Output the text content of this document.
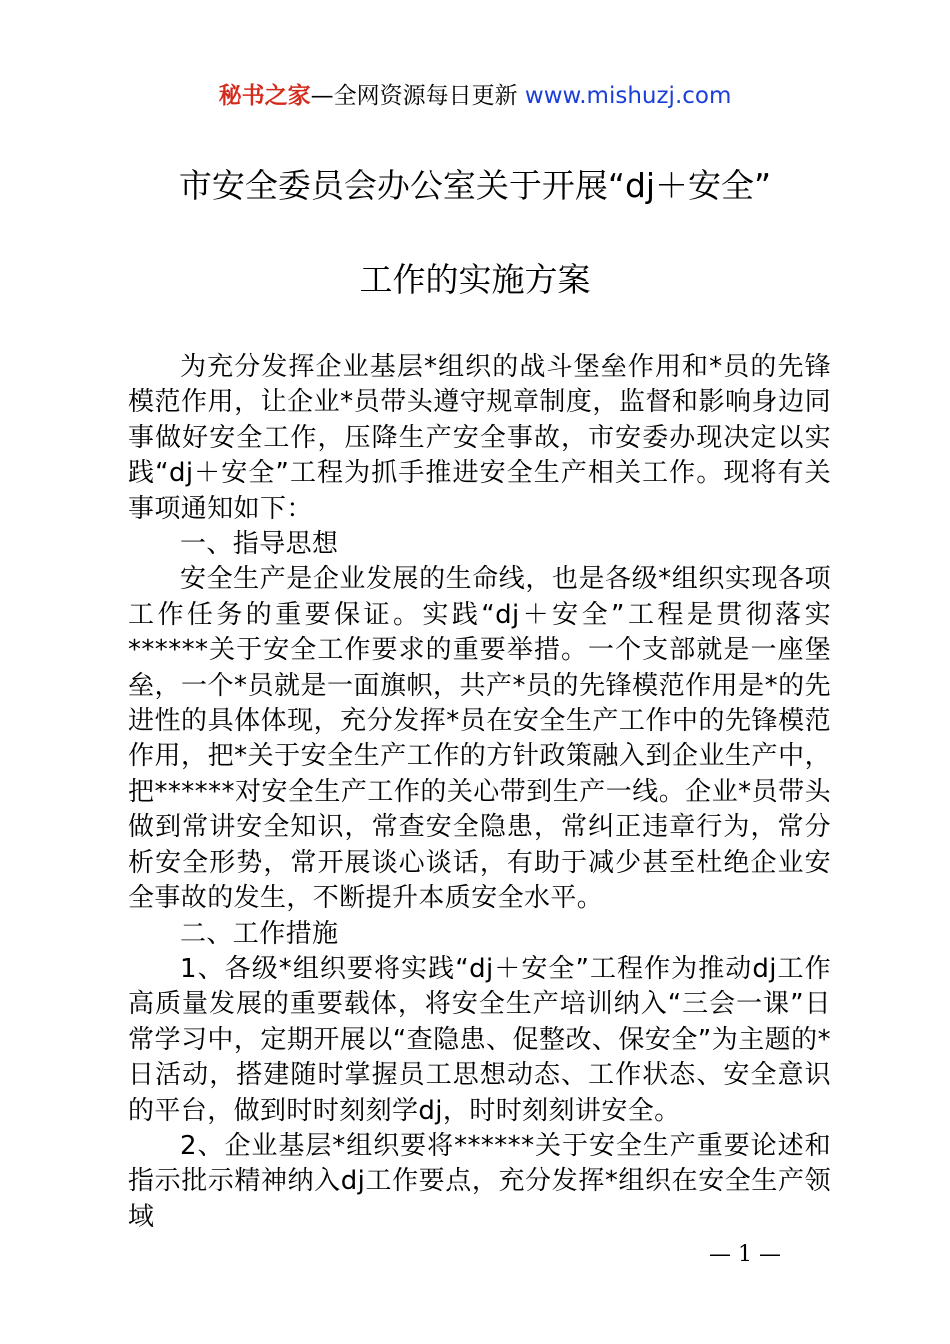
秘书之家—全网资源每日更新 www.mishuzj.com
市安全委员会办公室关于开展“dj＋安全”
工作的实施方案

为充分发挥企业基层*组织的战斗堡垒作用和*员的先锋模范作用，让企业*员带头遵守规章制度，监督和影响身边同事做好安全工作，压降生产安全事故，市安委办现决定以实践“dj＋安全”工程为抓手推进安全生产相关工作。现将有关事项通知如下：

一、指导思想

安全生产是企业发展的生命线，也是各级*组织实现各项工作任务的重要保证。实践“dj＋安全”工程是贯彻落实******关于安全工作要求的重要举措。一个支部就是一座堡垒，一个*员就是一面旗帜，共产*员的先锋模范作用是*的先进性的具体体现，充分发挥*员在安全生产工作中的先锋模范作用，把*关于安全生产工作的方针政策融入到企业生产中，把******对安全生产工作的关心带到生产一线。企业*员带头做到常讲安全知识，常查安全隐患，常纠正违章行为，常分析安全形势，常开展谈心谈话，有助于减少甚至杜绝企业安全事故的发生，不断提升本质安全水平。

二、工作措施

1、各级*组织要将实践“dj＋安全”工程作为推动dj工作高质量发展的重要载体，将安全生产培训纳入“三会一课”日常学习中，定期开展以“查隐患、促整改、保安全”为主题的*日活动，搭建随时掌握员工思想动态、工作状态、安全意识的平台，做到时时刻刻学dj，时时刻刻讲安全。

2、企业基层*组织要将******关于安全生产重要论述和指示批示精神纳入dj工作要点，充分发挥*组织在安全生产领域

— 1 —
